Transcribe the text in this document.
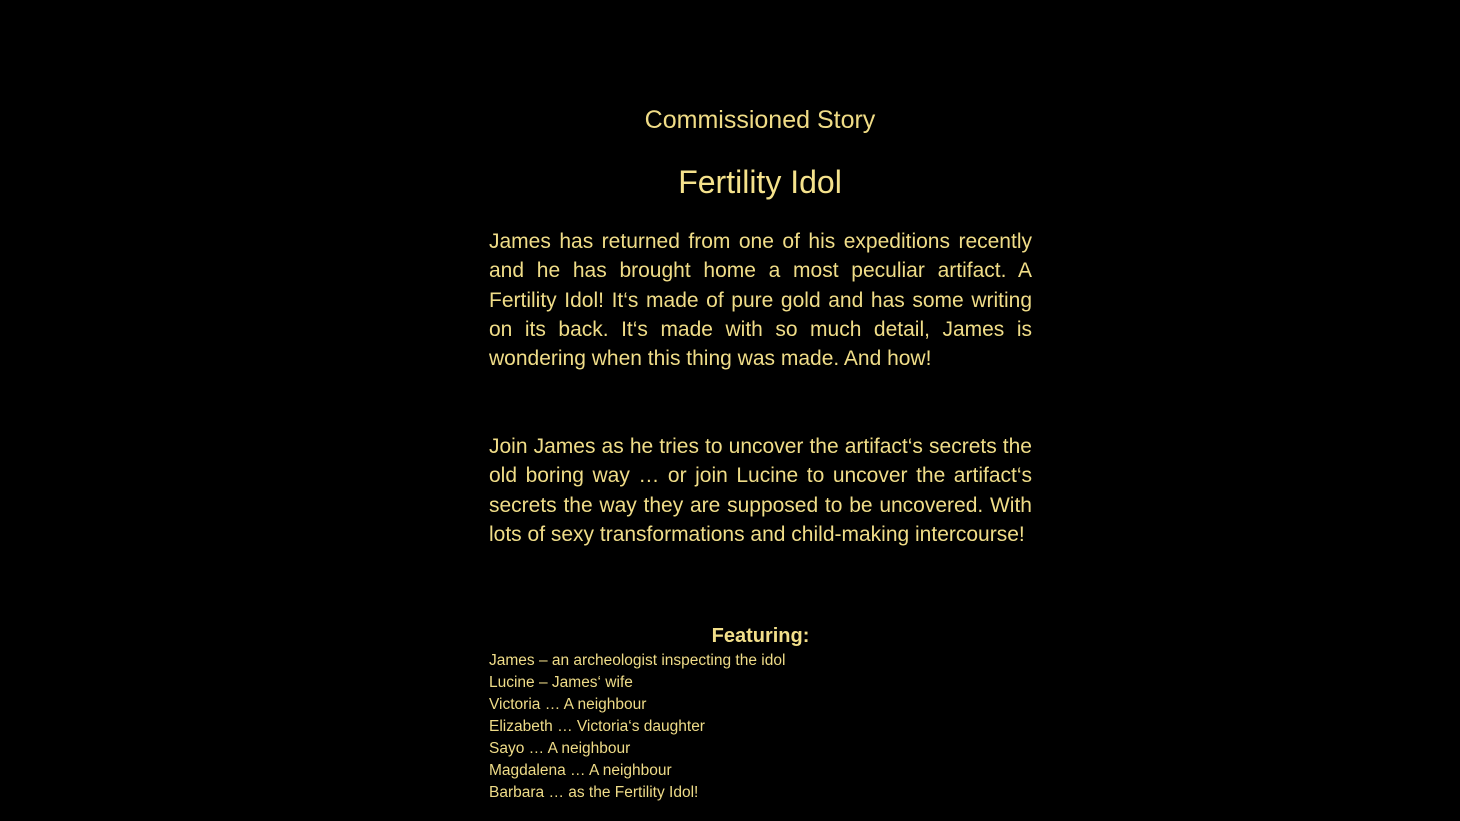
Commissioned Story
Fertility Idol
James has returned from one of his expeditions recently and he has brought home a most peculiar artifact. A Fertility Idol! It‘s made of pure gold and has some writing on its back. It‘s made with so much detail, James is wondering when this thing was made. And how!
Join James as he tries to uncover the artifact‘s secrets the old boring way … or join Lucine to uncover the artifact‘s secrets the way they are supposed to be uncovered. With lots of sexy transformations and child-making intercourse!
Featuring:
James – an archeologist inspecting the idol
Lucine – James‘ wife
Victoria … A neighbour
Elizabeth … Victoria‘s daughter
Sayo … A neighbour
Magdalena … A neighbour
Barbara … as the Fertility Idol!
